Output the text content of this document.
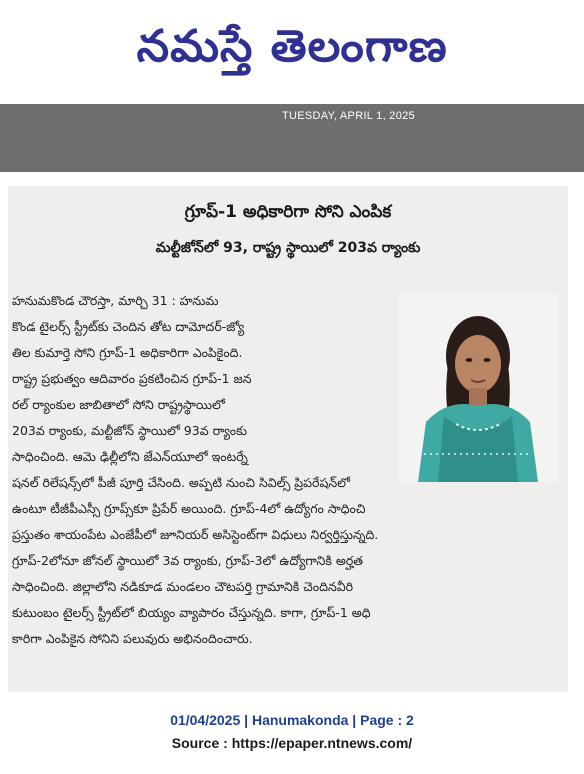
నమస్తే తెలంగాణ
TUESDAY, APRIL 1, 2025
గ్రూప్-1 అధికారిగా సోని ఎంపిక
మల్టీజోన్‌లో 93, రాష్ట్ర స్థాయిలో 203వ ర్యాంకు
హనుమకొండ చౌరస్తా, మార్చి 31 : హనుమ
కొండ టైలర్స్ స్ట్రీట్‌కు చెందిన తోట దామోదర్-జ్యో
తిల కుమార్తె సోని గ్రూప్-1 అధికారిగా ఎంపికైంది.
రాష్ట్ర ప్రభుత్వం ఆదివారం ప్రకటించిన గ్రూప్-1 జన
రల్ ర్యాంకుల జాబితాలో సోని రాష్ట్రస్థాయిలో
203వ ర్యాంకు, మల్టీజోన్ స్థాయిలో 93వ ర్యాంకు
సాధించింది. ఆమె ఢిల్లీలోని జేఎన్‌యూలో ఇంటర్నే
షనల్ రిలేషన్స్‌లో పీజీ పూర్తి చేసింది. అప్పటి నుంచి సివిల్స్ ప్రిపరేషన్‌లో
ఉంటూ టీజీపీఎస్సీ గ్రూప్స్‌కూ ప్రిపేర్ అయింది. గ్రూప్-4లో ఉద్యోగం సాధించి
ప్రస్తుతం శాయంపేట ఎంజేపీలో జూనియర్ అసిస్టెంట్‌గా విధులు నిర్వర్తిస్తున్నది.
గ్రూప్-2లోనూ జోనల్ స్థాయిలో 3వ ర్యాంకు, గ్రూప్-3లో ఉద్యోగానికి అర్హత
సాధించింది. జిల్లాలోని నడికూడ మండలం చౌటపర్తి గ్రామానికి చెందినవీరి
కుటుంబం టైలర్స్ స్ట్రీట్‌లో బియ్యం వ్యాపారం చేస్తున్నది. కాగా, గ్రూప్-1 అధి
కారిగా ఎంపికైన సోనిని పలువురు అభినందించారు.
01/04/2025 | Hanumakonda | Page : 2
Source : https://epaper.ntnews.com/
